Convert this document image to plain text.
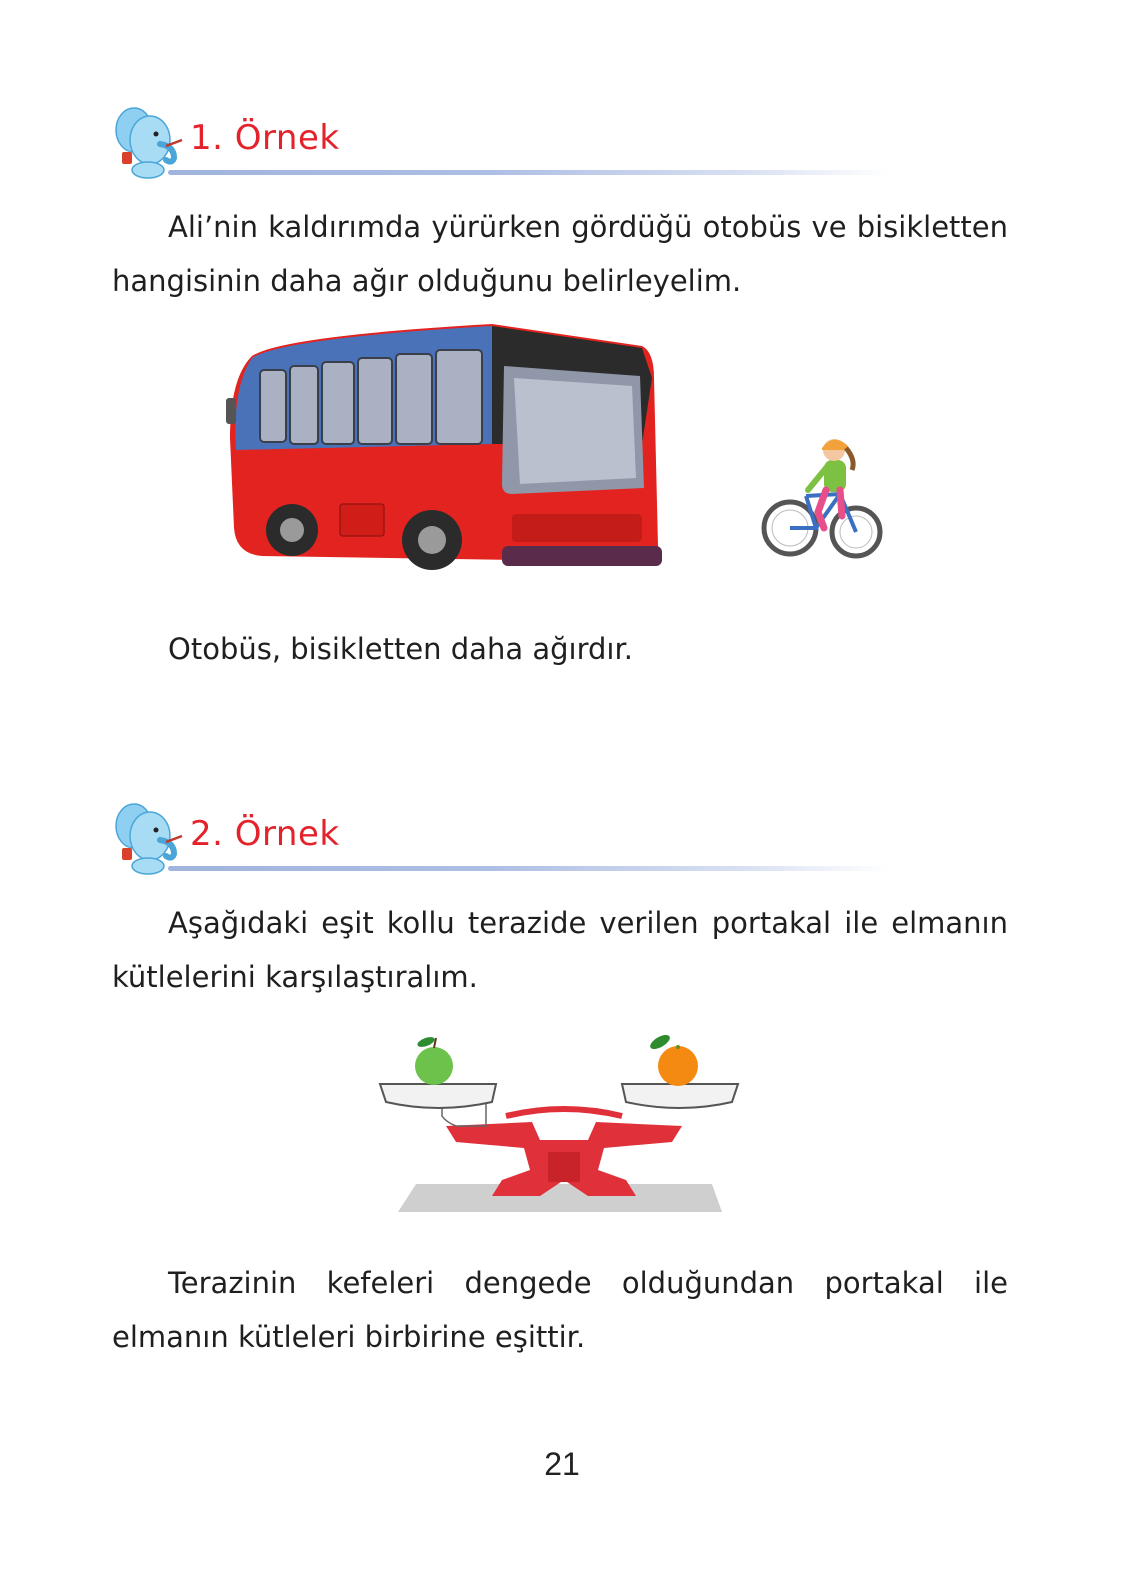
1. Örnek
Ali’nin kaldırımda yürürken gördüğü otobüs ve bisikletten hangisinin daha ağır olduğunu belirleyelim.
Otobüs, bisikletten daha ağırdır.
2. Örnek
Aşağıdaki eşit kollu terazide verilen portakal ile elmanın kütlelerini karşılaştıralım.
Terazinin kefeleri dengede olduğundan portakal ile elmanın kütleleri birbirine eşittir.
21
